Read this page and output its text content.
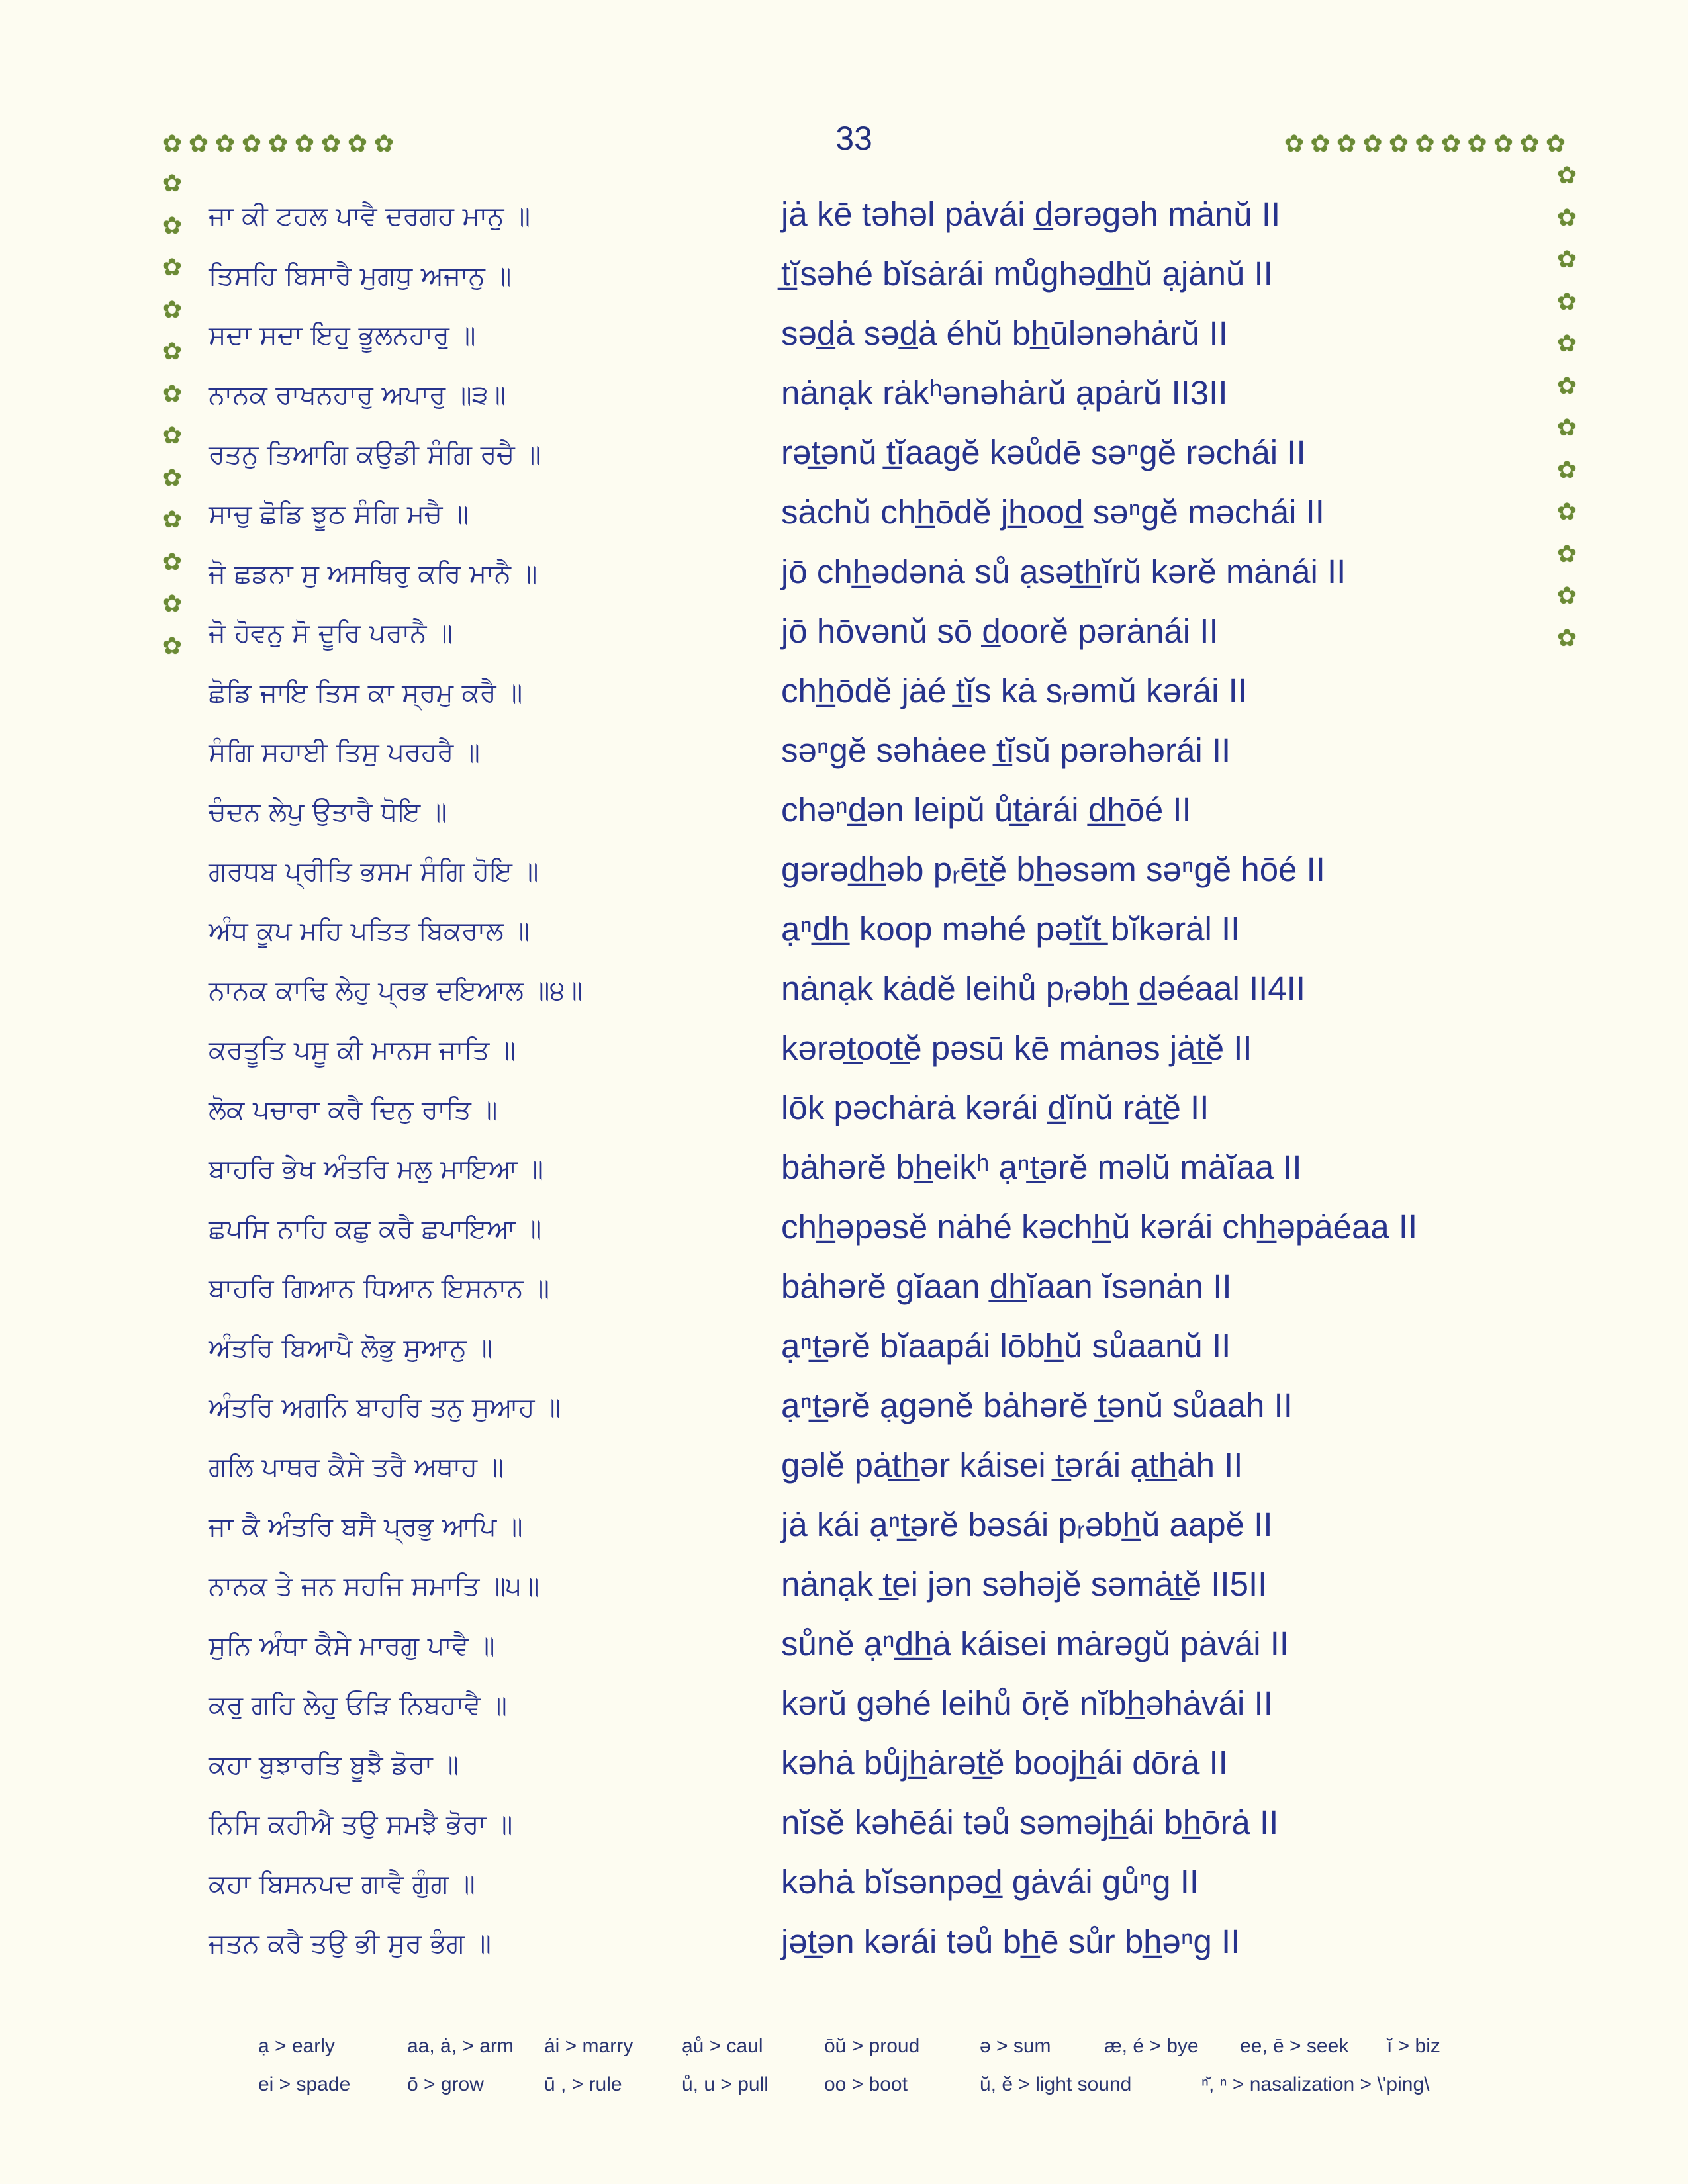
33
✿ ✿ ✿ ✿ ✿ ✿ ✿ ✿ ✿
✿
✿
✿
✿
✿
✿
✿
✿
✿
✿
✿
✿
✿ ✿ ✿ ✿ ✿ ✿ ✿ ✿ ✿ ✿ ✿
✿
✿
✿
✿
✿
✿
✿
✿
✿
✿
✿
✿
ਜਾ ਕੀ ਟਹਲ ਪਾਵੈ ਦਰਗਹ ਮਾਨੁ ॥	jȧ kē təhəl pȧvái d̲ərəgəh mȧnŭ II
ਤਿਸਹਿ ਬਿਸਾਰੈ ਮੁਗਧੁ ਅਜਾਨੁ ॥	t̲ĭsəhé bĭsȧrái mů̆ghəd̲h̲ŭ ạjȧnŭ II
ਸਦਾ ਸਦਾ ਇਹੁ ਭੂਲਨਹਾਰੁ ॥	səd̲ȧ səd̲ȧ éhŭ bh̲ūlənəhȧrŭ II
ਨਾਨਕ ਰਾਖਨਹਾਰੁ ਅਪਾਰੁ ॥੩॥	nȧnạk rȧkʰənəhȧrŭ ạpȧrŭ II3II
ਰਤਨੁ ਤਿਆਗਿ ਕਉਡੀ ਸੰਗਿ ਰਚੈ ॥	rət̲ənŭ t̲ĭaagĕ kəůdē səⁿgĕ rəchái II
ਸਾਚੁ ਛੋਡਿ ਝੂਠ ਸੰਗਿ ਮਚੈ ॥	sȧchŭ chh̲ōdĕ jh̲ood̲ səⁿgĕ məchái II
ਜੋ ਛਡਨਾ ਸੁ ਅਸਥਿਰੁ ਕਰਿ ਮਾਨੈ ॥	jō chh̲ədənȧ sů ạsət̲h̲ĭrŭ kərĕ mȧnái II
ਜੋ ਹੋਵਨੁ ਸੋ ਦੂਰਿ ਪਰਾਨੈ ॥	jō hōvənŭ sō d̲oorĕ pərȧnái II
ਛੋਡਿ ਜਾਇ ਤਿਸ ਕਾ ਸ੍ਰਮੁ ਕਰੈ ॥	chh̲ōdĕ jȧé t̲ĭs kȧ sᵣəmŭ kərái II
ਸੰਗਿ ਸਹਾਈ ਤਿਸੁ ਪਰਹਰੈ ॥	səⁿgĕ səhȧee t̲ĭsŭ pərəhərái II
ਚੰਦਨ ਲੇਪੁ ਉਤਾਰੈ ਧੋਇ ॥	chəⁿd̲ən leipŭ ůt̲ȧrái d̲h̲ōé II
ਗਰਧਬ ਪ੍ਰੀਤਿ ਭਸਮ ਸੰਗਿ ਹੋਇ ॥	gərəd̲h̲əb pᵣēt̲ĕ bh̲əsəm səⁿgĕ hōé II
ਅੰਧ ਕੂਪ ਮਹਿ ਪਤਿਤ ਬਿਕਰਾਲ ॥	ạⁿd̲h̲ koop məhé pət̲ĭt̲ bĭkərȧl II
ਨਾਨਕ ਕਾਢਿ ਲੇਹੁ ਪ੍ਰਭ ਦਇਆਲ ॥੪॥	nȧnạk kȧdĕ leihů pᵣəbh̲ d̲əéaal II4II
ਕਰਤੂਤਿ ਪਸੂ ਕੀ ਮਾਨਸ ਜਾਤਿ ॥	kərət̲oot̲ĕ pəsū kē mȧnəs jȧt̲ĕ II
ਲੋਕ ਪਚਾਰਾ ਕਰੈ ਦਿਨੁ ਰਾਤਿ ॥	lōk pəchȧrȧ kərái d̲ĭnŭ rȧt̲ĕ II
ਬਾਹਰਿ ਭੇਖ ਅੰਤਰਿ ਮਲੁ ਮਾਇਆ ॥	bȧhərĕ bh̲eikʰ ạⁿt̲ərĕ məlŭ mȧĭaa II
ਛਪਸਿ ਨਾਹਿ ਕਛੁ ਕਰੈ ਛਪਾਇਆ ॥	chh̲əpəsĕ nȧhé kəchh̲ŭ kərái chh̲əpȧéaa II
ਬਾਹਰਿ ਗਿਆਨ ਧਿਆਨ ਇਸਨਾਨ ॥	bȧhərĕ gĭaan d̲h̲ĭaan ĭsənȧn II
ਅੰਤਰਿ ਬਿਆਪੈ ਲੋਭੁ ਸੁਆਨੁ ॥	ạⁿt̲ərĕ bĭaapái lōbh̲ŭ sůaanŭ II
ਅੰਤਰਿ ਅਗਨਿ ਬਾਹਰਿ ਤਨੁ ਸੁਆਹ ॥	ạⁿt̲ərĕ ạgənĕ bȧhərĕ t̲ənŭ sůaah II
ਗਲਿ ਪਾਥਰ ਕੈਸੇ ਤਰੈ ਅਥਾਹ ॥	gəlĕ pȧt̲h̲ər káisei t̲ərái ạt̲h̲ȧh II
ਜਾ ਕੈ ਅੰਤਰਿ ਬਸੈ ਪ੍ਰਭੁ ਆਪਿ ॥	jȧ kái ạⁿt̲ərĕ bəsái pᵣəbh̲ŭ aapĕ II
ਨਾਨਕ ਤੇ ਜਨ ਸਹਜਿ ਸਮਾਤਿ ॥੫॥	nȧnạk t̲ei jən səhəjĕ səmȧt̲ĕ II5II
ਸੁਨਿ ਅੰਧਾ ਕੈਸੇ ਮਾਰਗੁ ਪਾਵੈ ॥	sůnĕ ạⁿd̲h̲ȧ káisei mȧrəgŭ pȧvái II
ਕਰੁ ਗਹਿ ਲੇਹੁ ਓੜਿ ਨਿਬਹਾਵੈ ॥	kərŭ gəhé leihů ōṛĕ nĭbh̲əhȧvái II
ਕਹਾ ਬੁਝਾਰਤਿ ਬੂਝੈ ਡੋਰਾ ॥	kəhȧ bůjh̲ȧrət̲ĕ boojh̲ái dōrȧ II
ਨਿਸਿ ਕਹੀਐ ਤਉ ਸਮਝੈ ਭੋਰਾ ॥	nĭsĕ kəhēái təů səməjh̲ái bh̲ōrȧ II
ਕਹਾ ਬਿਸਨਪਦ ਗਾਵੈ ਗੁੰਗ ॥	kəhȧ bĭsənpəd̲ gȧvái gůⁿg II
ਜਤਨ ਕਰੈ ਤਉ ਭੀ ਸੁਰ ਭੰਗ ॥	jət̲ən kərái təů bh̲ē sůr bh̲əⁿg II
ạ > early	aa, ȧ, > arm ái > marry ạů > caul	ōŭ > proud	ə > sum	æ, é > bye ee, ē > seek ĭ > biz
ei > spade	ō > grow	ū , > rule	ů, u > pull	oo > boot	ŭ, ĕ > light sound	ⁿ̆, ⁿ > nasalization > \'ping\
